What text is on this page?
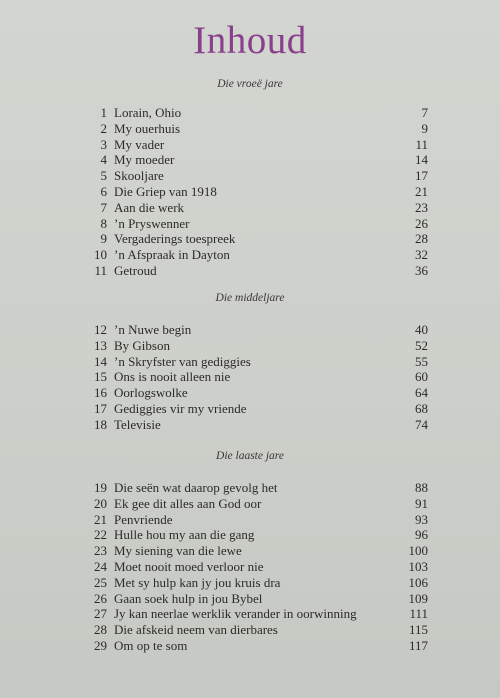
Inhoud
Die vroeë jare
1 Lorain, Ohio	7
2 My ouerhuis	9
3 My vader	11
4 My moeder	14
5 Skooljare	17
6 Die Griep van 1918	21
7 Aan die werk	23
8 ’n Pryswenner	26
9 Vergaderings toespreek	28
10 ’n Afspraak in Dayton	32
11 Getroud	36
Die middeljare
12 ’n Nuwe begin	40
13 By Gibson	52
14 ’n Skryfster van gediggies	55
15 Ons is nooit alleen nie	60
16 Oorlogswolke	64
17 Gediggies vir my vriende	68
18 Televisie	74
Die laaste jare
19 Die seën wat daarop gevolg het	88
20 Ek gee dit alles aan God oor	91
21 Penvriende	93
22 Hulle hou my aan die gang	96
23 My siening van die lewe	100
24 Moet nooit moed verloor nie	103
25 Met sy hulp kan jy jou kruis dra	106
26 Gaan soek hulp in jou Bybel	109
27 Jy kan neerlae werklik verander in oorwinning	111
28 Die afskeid neem van dierbares	115
29 Om op te som	117
